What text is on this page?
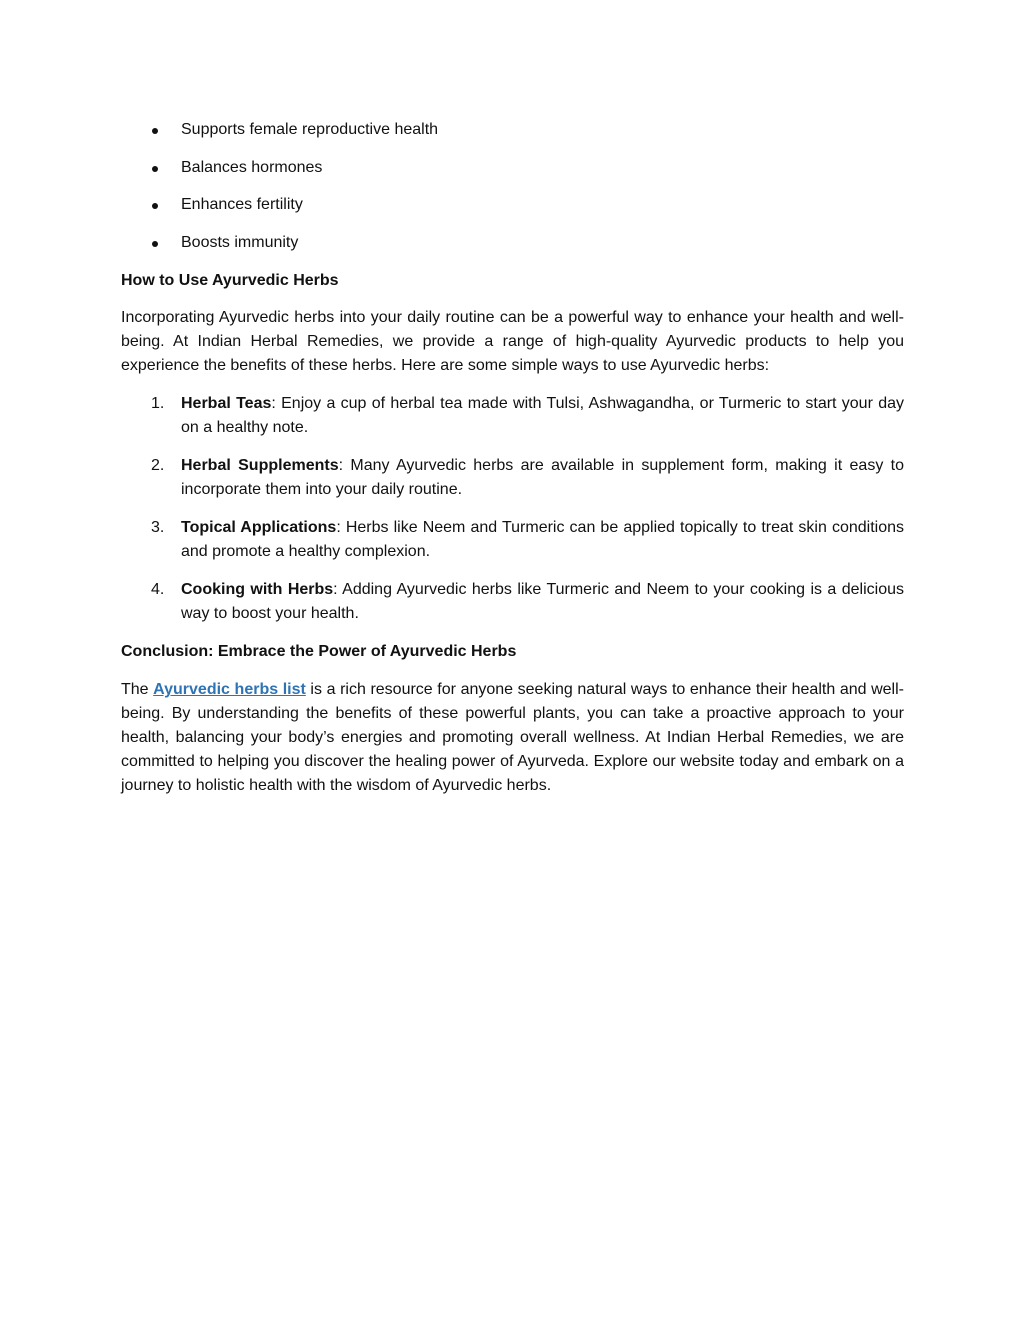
Supports female reproductive health
Balances hormones
Enhances fertility
Boosts immunity
How to Use Ayurvedic Herbs

Incorporating Ayurvedic herbs into your daily routine can be a powerful way to enhance your health and well-being. At Indian Herbal Remedies, we provide a range of high-quality Ayurvedic products to help you experience the benefits of these herbs. Here are some simple ways to use Ayurvedic herbs:

1. Herbal Teas: Enjoy a cup of herbal tea made with Tulsi, Ashwagandha, or Turmeric to start your day on a healthy note.
2. Herbal Supplements: Many Ayurvedic herbs are available in supplement form, making it easy to incorporate them into your daily routine.
3. Topical Applications: Herbs like Neem and Turmeric can be applied topically to treat skin conditions and promote a healthy complexion.
4. Cooking with Herbs: Adding Ayurvedic herbs like Turmeric and Neem to your cooking is a delicious way to boost your health.
Conclusion: Embrace the Power of Ayurvedic Herbs

The Ayurvedic herbs list is a rich resource for anyone seeking natural ways to enhance their health and well-being. By understanding the benefits of these powerful plants, you can take a proactive approach to your health, balancing your body’s energies and promoting overall wellness. At Indian Herbal Remedies, we are committed to helping you discover the healing power of Ayurveda. Explore our website today and embark on a journey to holistic health with the wisdom of Ayurvedic herbs.
